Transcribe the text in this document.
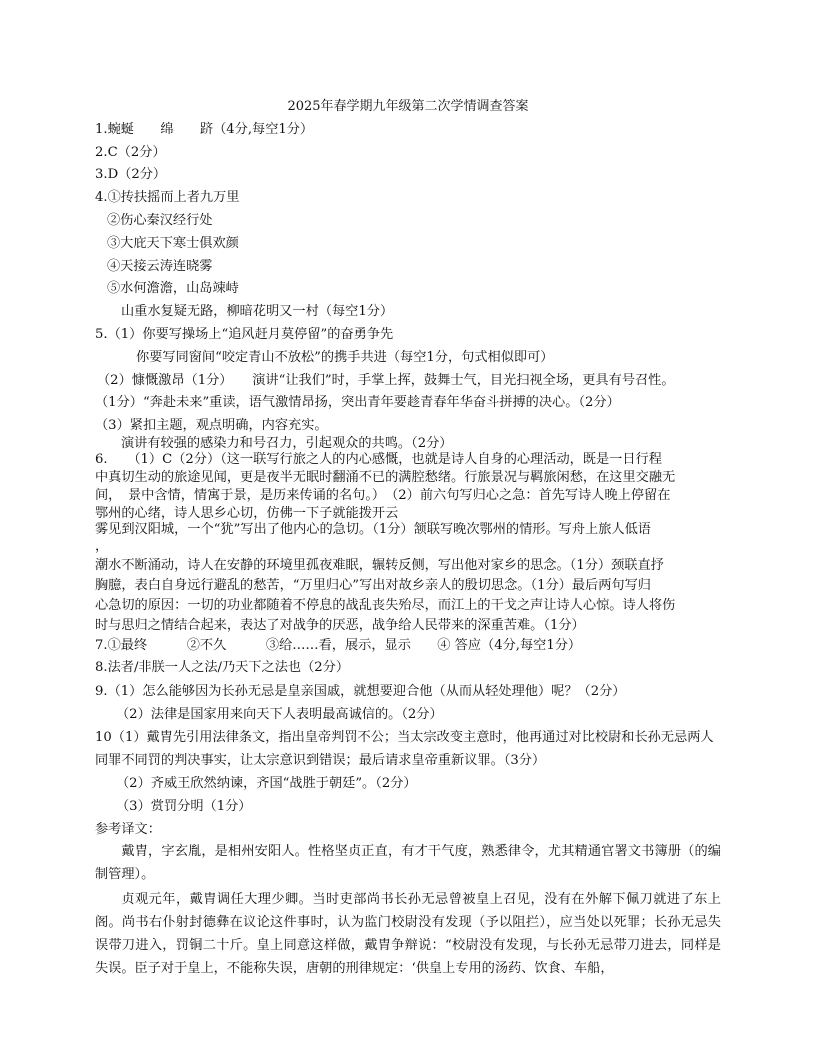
2025年春学期九年级第二次学情调查答案
1.蜿蜒　　绵　　跻（4分,每空1分）
2.C（2分）
3.D（2分）
4.①抟扶摇而上者九万里
②伤心秦汉经行处
③大庇天下寒士俱欢颜
④天接云涛连晓雾
⑤水何澹澹，山岛竦峙
山重水复疑无路，柳暗花明又一村（每空1分）
5.（1）你要写操场上“追风赶月莫停留”的奋勇争先
你要写同窗间“咬定青山不放松”的携手共进（每空1分，句式相似即可）
（2）慷慨激昂（1分）　　演讲“让我们”时，手掌上挥，鼓舞士气，目光扫视全场，更具有号召性。
（1分）“奔赴未来”重读，语气激情昂扬，突出青年要趁青春年华奋斗拼搏的决心。（2分）
（3）紧扣主题，观点明确，内容充实。
演讲有较强的感染力和号召力，引起观众的共鸣。（2分）
6.　　（1）C（2分）（这一联写行旅之人的内心感慨，也就是诗人自身的心理活动，既是一日行程
中真切生动的旅途见闻，更是夜半无眠时翻涌不已的满腔愁绪。行旅景况与羁旅闲愁，在这里交融无
间，　景中含情，情寓于景，是历来传诵的名句。）　（2）前六句写归心之急：首先写诗人晚上停留在
鄂州的心绪，诗人思乡心切，仿佛一下子就能拨开云
雾见到汉阳城，一个“犹”写出了他内心的急切。（1分）颔联写晚次鄂州的情形。写舟上旅人低语
，
潮水不断涌动，诗人在安静的环境里孤夜难眠，辗转反侧，写出他对家乡的思念。（1分）颈联直抒
胸臆，表白自身远行避乱的愁苦，“万里归心”写出对故乡亲人的殷切思念。（1分）最后两句写归
心急切的原因：一切的功业都随着不停息的战乱丧失殆尽，而江上的干戈之声让诗人心惊。诗人将伤
时与思归之情结合起来，表达了对战争的厌恶，战争给人民带来的深重苦难。（1分）
7.①最终　　　②不久　　　③给……看，展示，显示　　④ 答应（4分,每空1分）
8.法者/非朕一人之法/乃天下之法也（2分）
9.（1）怎么能够因为长孙无忌是皇亲国戚，就想要迎合他（从而从轻处理他）呢？（2分）
（2）法律是国家用来向天下人表明最高诚信的。（2分）
10（1）戴胄先引用法律条文，指出皇帝判罚不公；当太宗改变主意时，他再通过对比校尉和长孙无忌两人
同罪不同罚的判决事实，让太宗意识到错误；最后请求皇帝重新议罪。（3分）
（2）齐威王欣然纳谏，齐国“战胜于朝廷”。（2分）
（3）赏罚分明（1分）
参考译文：

戴胄，字玄胤，是相州安阳人。性格坚贞正直，有才干气度，熟悉律令，尤其精通官署文书簿册（的编制管理）。

贞观元年，戴胄调任大理少卿。当时吏部尚书长孙无忌曾被皇上召见，没有在外解下佩刀就进了东上阁。尚书右仆射封德彝在议论这件事时，认为监门校尉没有发现（予以阻拦），应当处以死罪；长孙无忌失误带刀进入，罚铜二十斤。皇上同意这样做，戴胄争辩说：“校尉没有发现，与长孙无忌带刀进去，同样是失误。臣子对于皇上，不能称失误，唐朝的刑律规定：‘供皇上专用的汤药、饮食、车船，
